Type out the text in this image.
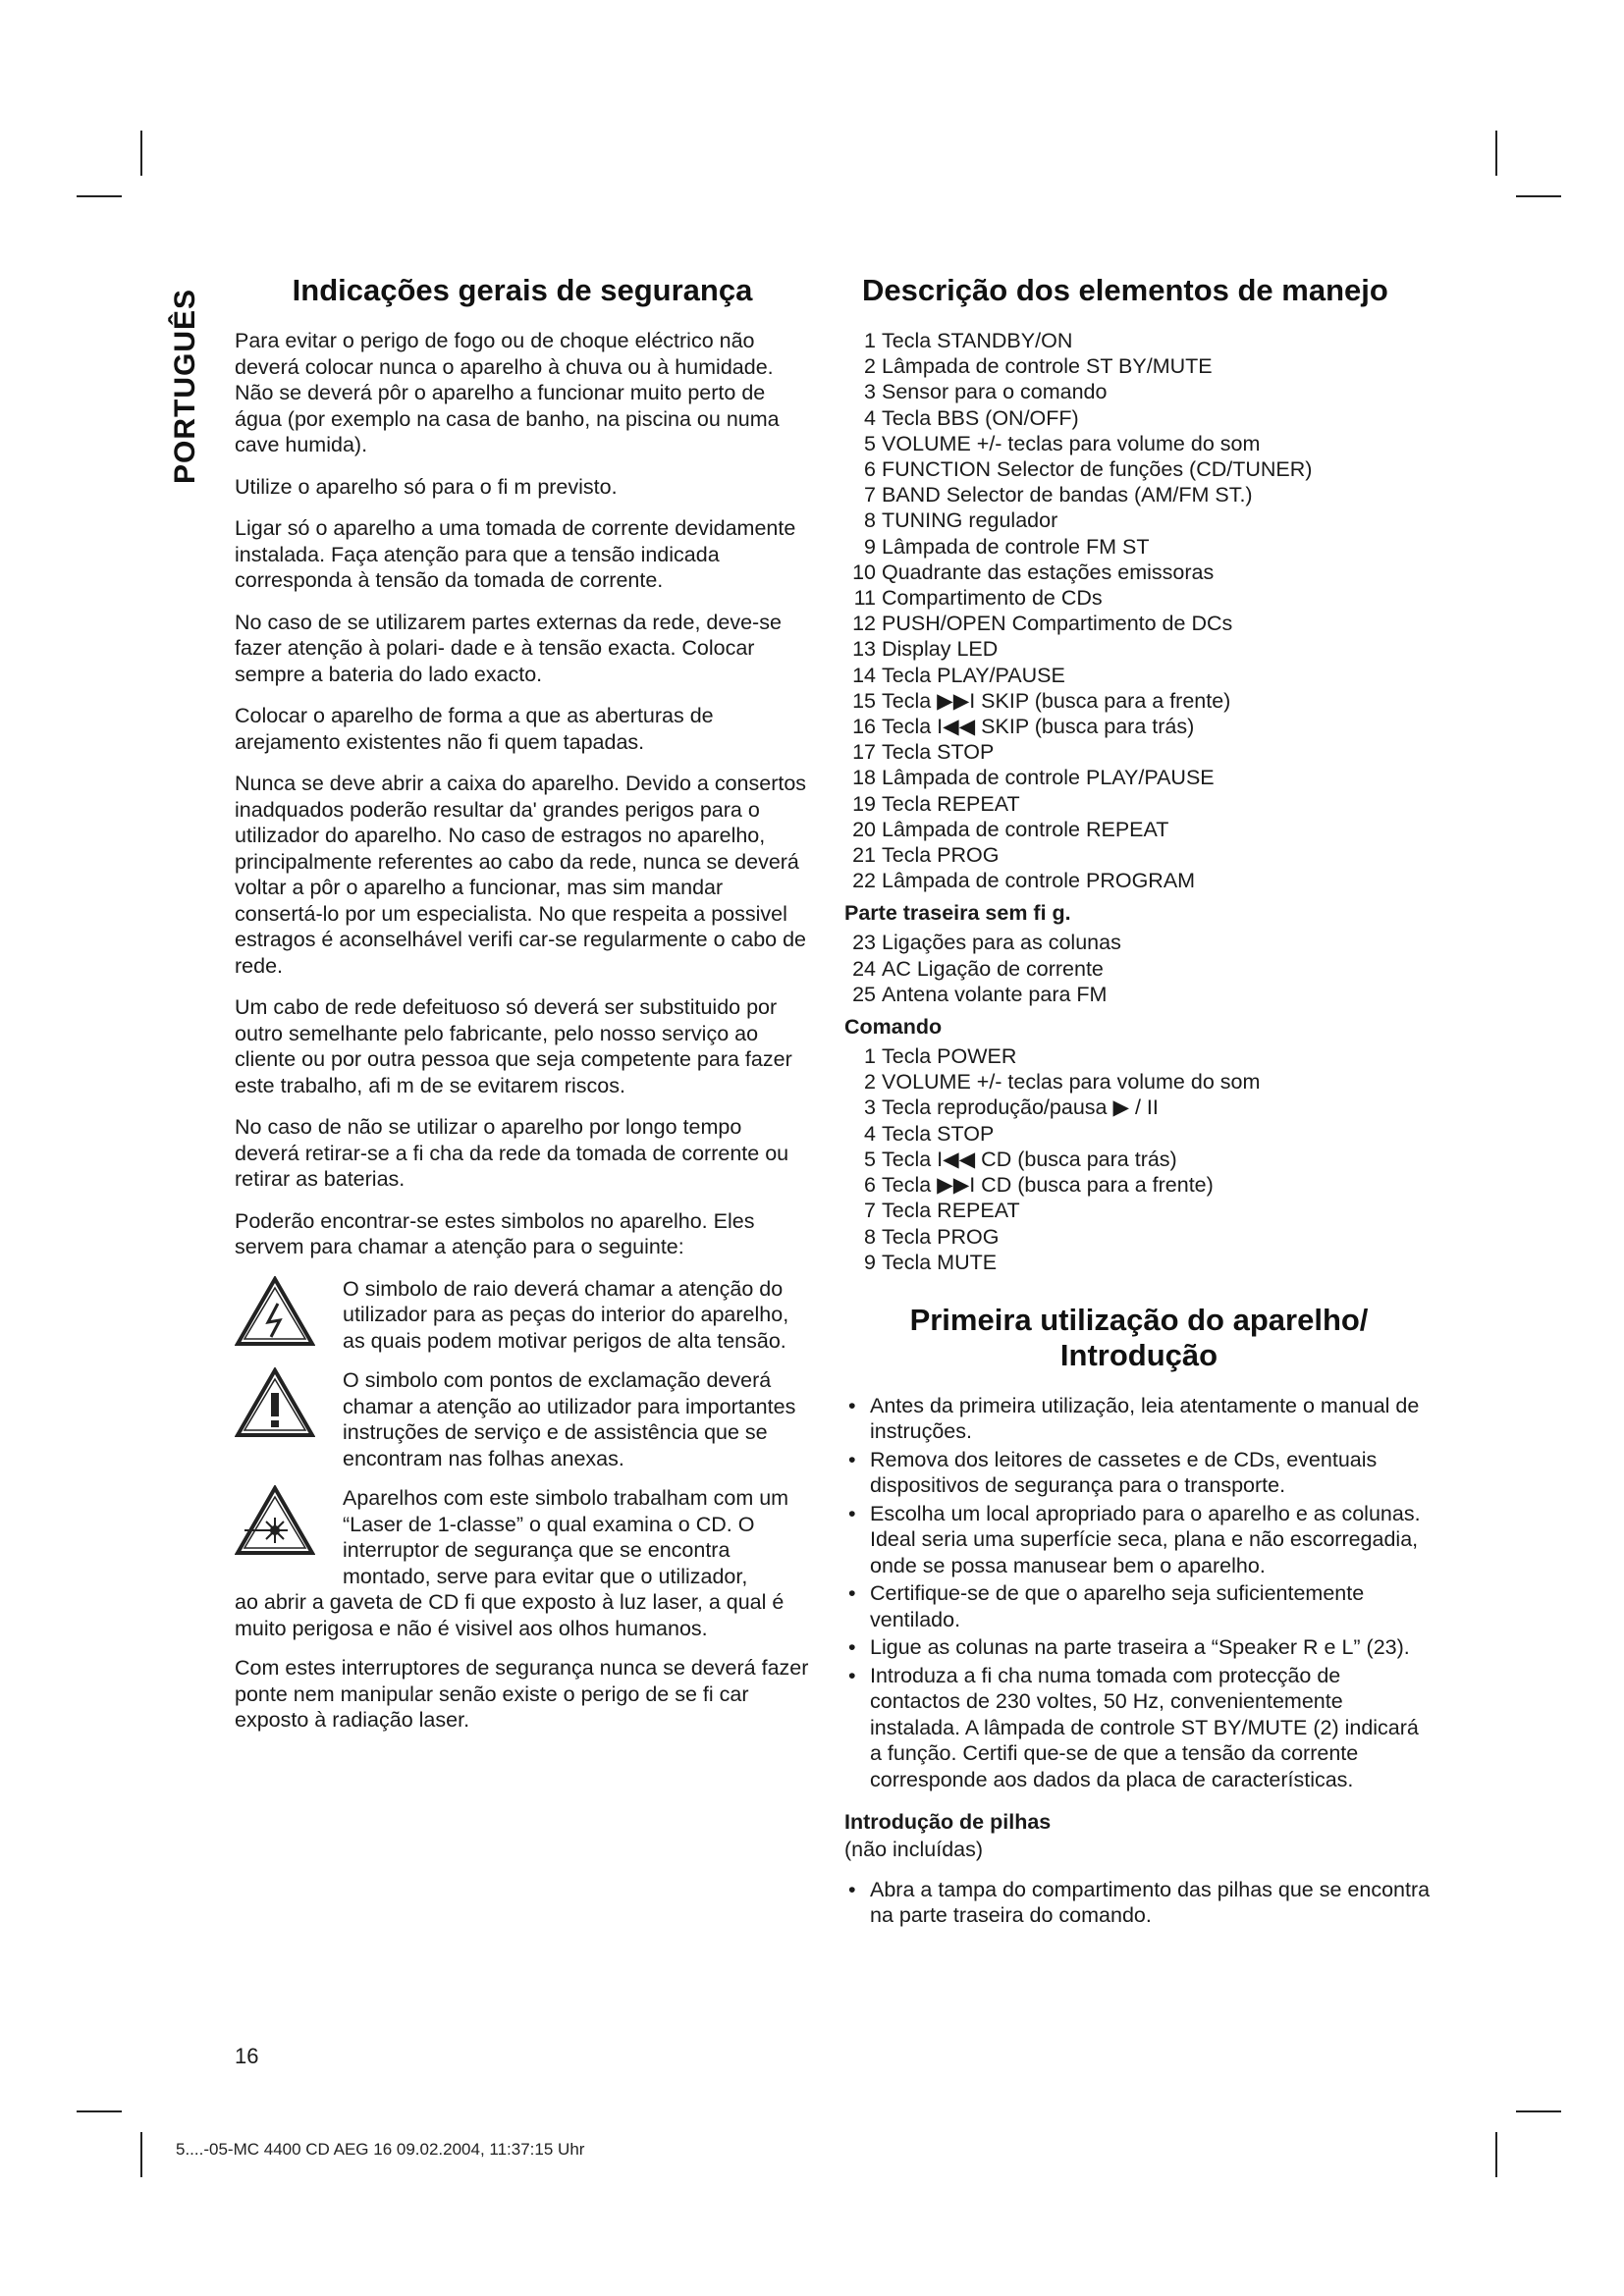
PORTUGUÊS	Indicações gerais de segurança

Para evitar o perigo de fogo ou de choque eléctrico não deverá colocar nunca o aparelho à chuva ou à humidade. Não se deverá pôr o aparelho a funcionar muito perto de água (por exemplo na casa de banho, na piscina ou numa cave humida).

Utilize o aparelho só para o fi m previsto.

Ligar só o aparelho a uma tomada de corrente devidamente instalada. Faça atenção para que a tensão indicada corresponda à tensão da tomada de corrente.

No caso de se utilizarem partes externas da rede, deve-se fazer atenção à polari- dade e à tensão exacta. Colocar sempre a bateria do lado exacto.

Colocar o aparelho de forma a que as aberturas de arejamento existentes não fi quem tapadas.

Nunca se deve abrir a caixa do aparelho. Devido a consertos inadquados poderão resultar da' grandes perigos para o utilizador do aparelho. No caso de estragos no aparelho, principalmente referentes ao cabo da rede, nunca se deverá voltar a pôr o aparelho a funcionar, mas sim mandar consertá-lo por um especialista. No que respeita a possivel estragos é aconselhável verifi car-se regularmente o cabo de rede.

Um cabo de rede defeituoso só deverá ser substituido por outro semelhante pelo fabricante, pelo nosso serviço ao cliente ou por outra pessoa que seja competente para fazer este trabalho, afi m de se evitarem riscos.

No caso de não se utilizar o aparelho por longo tempo deverá retirar-se a fi cha da rede da tomada de corrente ou retirar as baterias.

Poderão encontrar-se estes simbolos no aparelho. Eles servem para chamar a atenção para o seguinte:

O simbolo de raio deverá chamar a atenção do utilizador para as peças do interior do aparelho, as quais podem motivar perigos de alta tensão.

O simbolo com pontos de exclamação deverá chamar a atenção ao utilizador para importantes instruções de serviço e de assistência que se encontram nas folhas anexas.

Aparelhos com este simbolo trabalham com um “Laser de 1-classe” o qual examina o CD. O interruptor de segurança que se encontra montado, serve para evitar que o utilizador,

ao abrir a gaveta de CD fi que exposto à luz laser, a qual é muito perigosa e não é visivel aos olhos humanos.

Com estes interruptores de segurança nunca se deverá fazer ponte nem manipular senão existe o perigo de se fi car exposto à radiação laser.

Descrição dos elementos de manejo
1 Tecla STANDBY/ON
2 Lâmpada de controle ST BY/MUTE
3 Sensor para o comando
4 Tecla BBS (ON/OFF)
5 VOLUME +/- teclas para volume do som
6 FUNCTION Selector de funções (CD/TUNER)
7 BAND Selector de bandas (AM/FM ST.)
8 TUNING regulador
9 Lâmpada de controle FM ST
10 Quadrante das estações emissoras
11 Compartimento de CDs
12 PUSH/OPEN Compartimento de DCs
13 Display LED
14 Tecla PLAY/PAUSE
15 Tecla ▶▶I SKIP (busca para a frente)
16 Tecla I◀◀ SKIP (busca para trás)
17 Tecla STOP
18 Lâmpada de controle PLAY/PAUSE
19 Tecla REPEAT
20 Lâmpada de controle REPEAT
21 Tecla PROG
22 Lâmpada de controle PROGRAM
Parte traseira sem fi g.
23 Ligações para as colunas
24 AC Ligação de corrente
25 Antena volante para FM
Comando
1 Tecla POWER
2 VOLUME +/- teclas para volume do som
3 Tecla reprodução/pausa ▶ / II
4 Tecla STOP
5 Tecla I◀◀ CD (busca para trás)
6 Tecla ▶▶I CD (busca para a frente)
7 Tecla REPEAT
8 Tecla PROG
9 Tecla MUTE
Primeira utilização do aparelho/
Introdução
• Antes da primeira utilização, leia atentamente o manual de instruções.
• Remova dos leitores de cassetes e de CDs, eventuais dispositivos de segurança para o transporte.
• Escolha um local apropriado para o aparelho e as colunas. Ideal seria uma superfície seca, plana e não escorregadia, onde se possa manusear bem o aparelho.
• Certifique-se de que o aparelho seja suficientemente ventilado.
• Ligue as colunas na parte traseira a “Speaker R e L” (23).
• Introduza a fi cha numa tomada com protecção de contactos de 230 voltes, 50 Hz, convenientemente instalada. A lâmpada de controle ST BY/MUTE (2) indicará a função. Certifi que-se de que a tensão da corrente corresponde aos dados da placa de características.
Introdução de pilhas

(não incluídas)

• Abra a tampa do compartimento das pilhas que se encontra na parte traseira do comando.
16
5....-05-MC 4400 CD AEG 16 09.02.2004, 11:37:15 Uhr
